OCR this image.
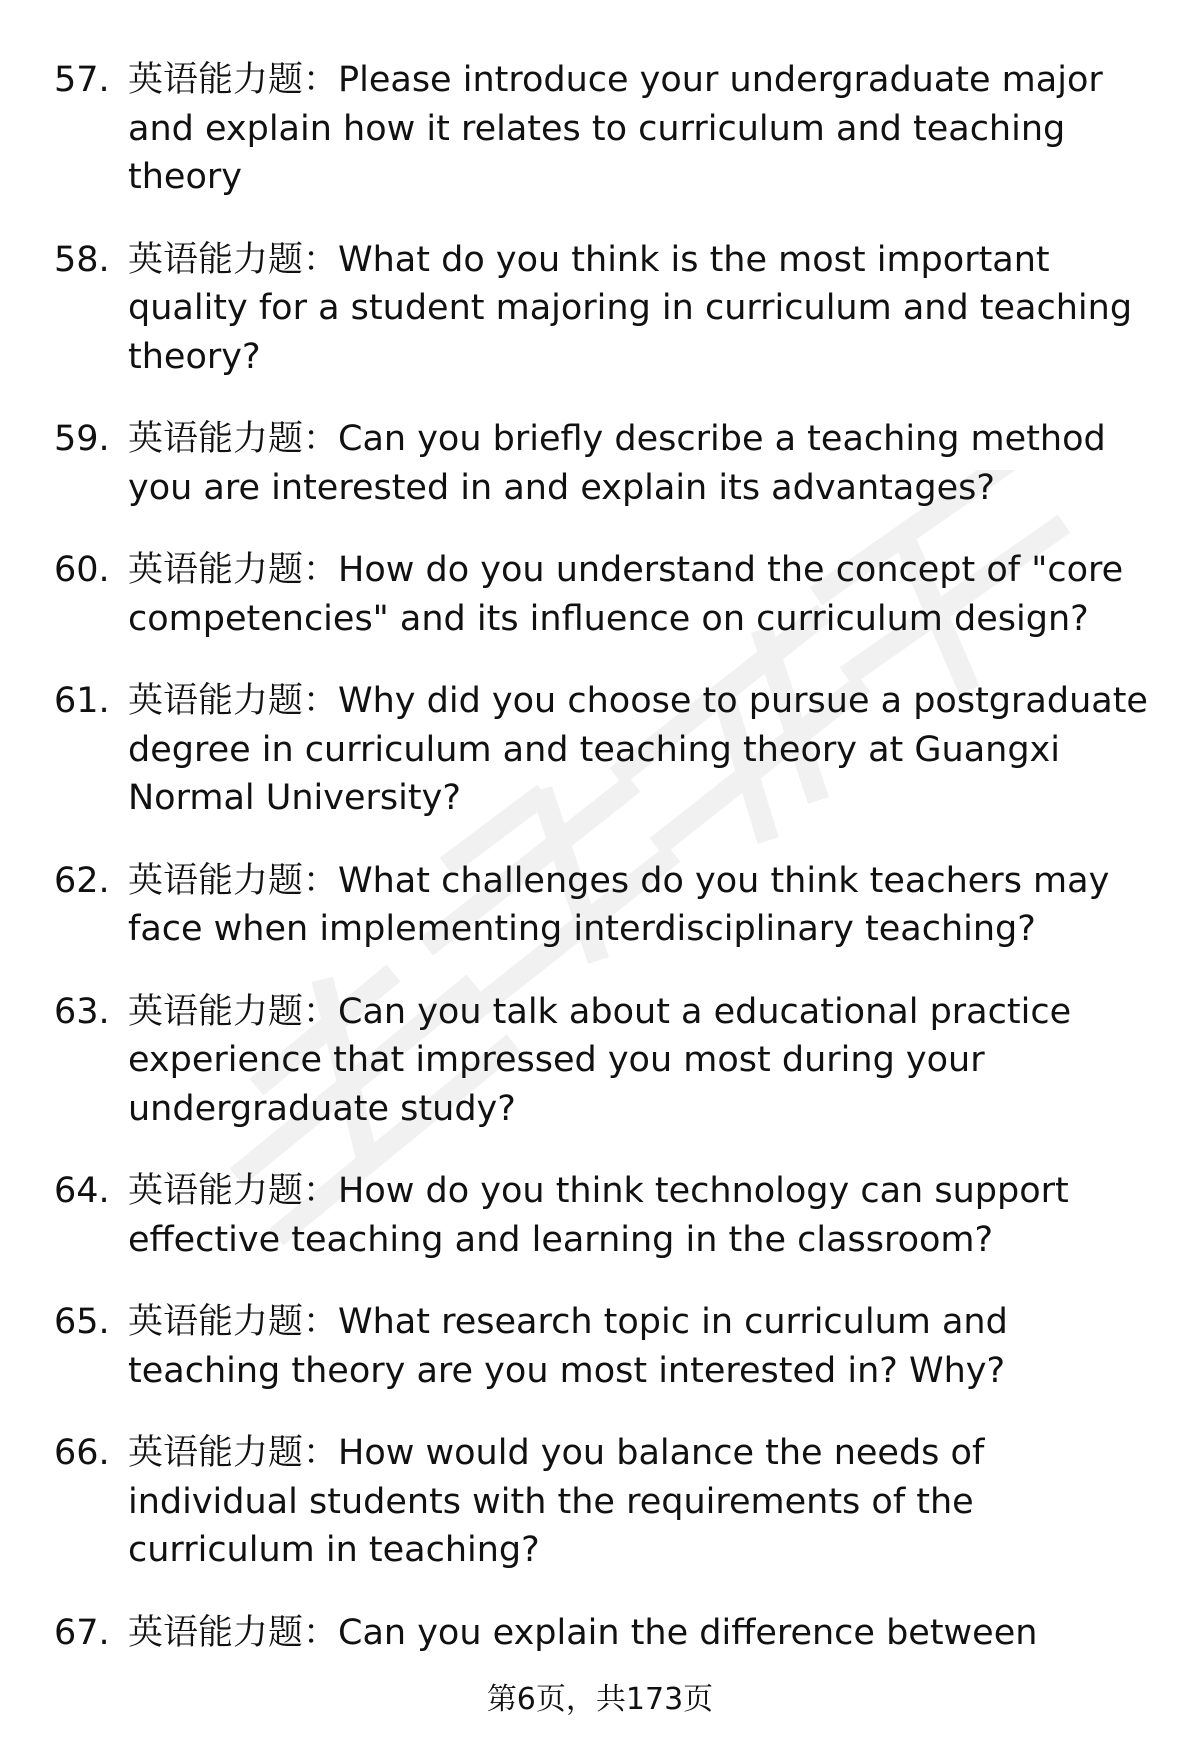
57. 英语能力题：Please introduce your undergraduate major and explain how it relates to curriculum and teaching theory
58. 英语能力题：What do you think is the most important quality for a student majoring in curriculum and teaching theory?
59. 英语能力题：Can you briefly describe a teaching method you are interested in and explain its advantages?
60. 英语能力题：How do you understand the concept of "core competencies" and its influence on curriculum design?
61. 英语能力题：Why did you choose to pursue a postgraduate degree in curriculum and teaching theory at Guangxi Normal University?
62. 英语能力题：What challenges do you think teachers may face when implementing interdisciplinary teaching?
63. 英语能力题：Can you talk about a educational practice experience that impressed you most during your undergraduate study?
64. 英语能力题：How do you think technology can support effective teaching and learning in the classroom?
65. 英语能力题：What research topic in curriculum and teaching theory are you most interested in? Why?
66. 英语能力题：How would you balance the needs of individual students with the requirements of the curriculum in teaching?
67. 英语能力题：Can you explain the difference between
第6页，共173页
